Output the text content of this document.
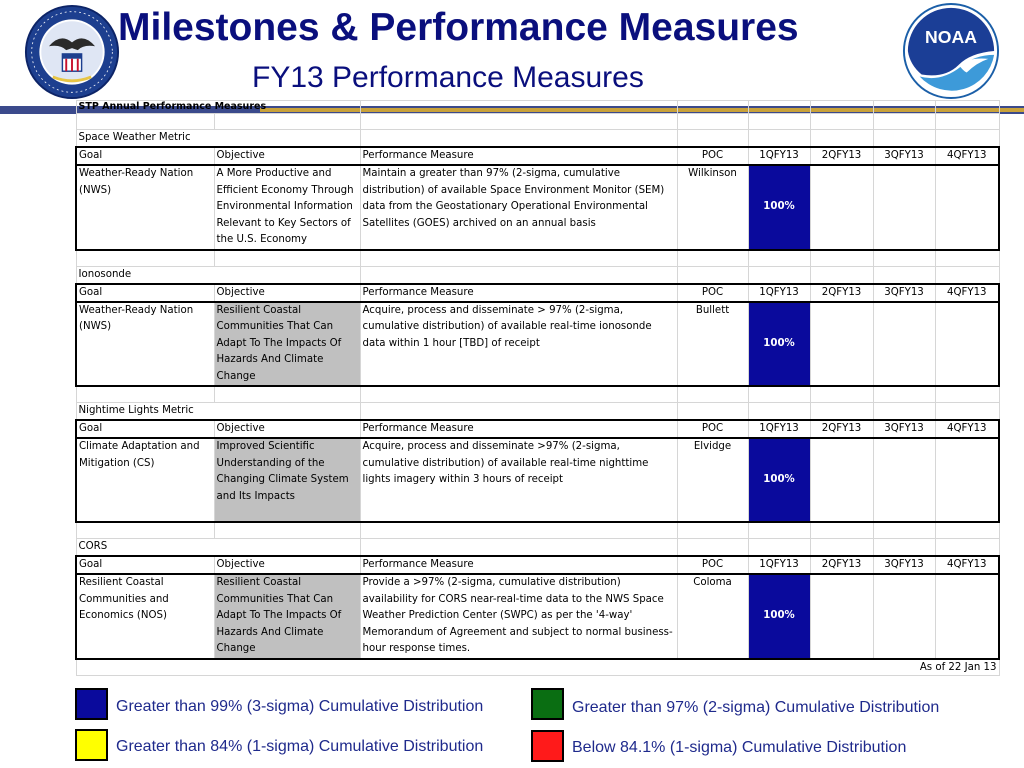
NOAA
Milestones & Performance Measures
FY13 Performance Measures
STP Annual Performance Measures							

Space Weather Metric							
Goal	Objective	Performance Measure	POC	1QFY13	2QFY13	3QFY13	4QFY13
Weather-Ready Nation (NWS)	A More Productive and Efficient Economy Through Environmental Information Relevant to Key Sectors of the U.S. Economy	Maintain a greater than 97% (2-sigma, cumulative distribution) of available Space Environment Monitor (SEM) data from the Geostationary Operational Environmental Satellites (GOES) archived on an annual basis	Wilkinson	100%			

Ionosonde							
Goal	Objective	Performance Measure	POC	1QFY13	2QFY13	3QFY13	4QFY13
Weather-Ready Nation (NWS)	Resilient Coastal Communities That Can Adapt To The Impacts Of Hazards And Climate Change	Acquire, process and disseminate > 97% (2-sigma, cumulative distribution) of available real-time ionosonde data within 1 hour [TBD] of receipt	Bullett	100%			

Nightime Lights Metric							
Goal	Objective	Performance Measure	POC	1QFY13	2QFY13	3QFY13	4QFY13
Climate Adaptation and Mitigation (CS)	Improved Scientific Understanding of the Changing Climate System and Its Impacts	Acquire, process and disseminate >97% (2-sigma, cumulative distribution) of available real-time nighttime lights imagery within 3 hours of receipt	Elvidge	100%			

CORS							
Goal	Objective	Performance Measure	POC	1QFY13	2QFY13	3QFY13	4QFY13
Resilient Coastal Communities and Economics (NOS)	Resilient Coastal Communities That Can Adapt To The Impacts Of Hazards And Climate Change	Provide a >97% (2-sigma, cumulative distribution) availability for CORS near-real-time data to the NWS Space Weather Prediction Center (SWPC) as per the '4-way' Memorandum of Agreement and subject to normal business-hour response times.	Coloma	100%			
As of 22 Jan 13							
Greater than 99% (3-sigma) Cumulative Distribution	Greater than 97% (2-sigma) Cumulative Distribution
Greater than 84% (1-sigma) Cumulative Distribution	Below 84.1% (1-sigma) Cumulative Distribution
